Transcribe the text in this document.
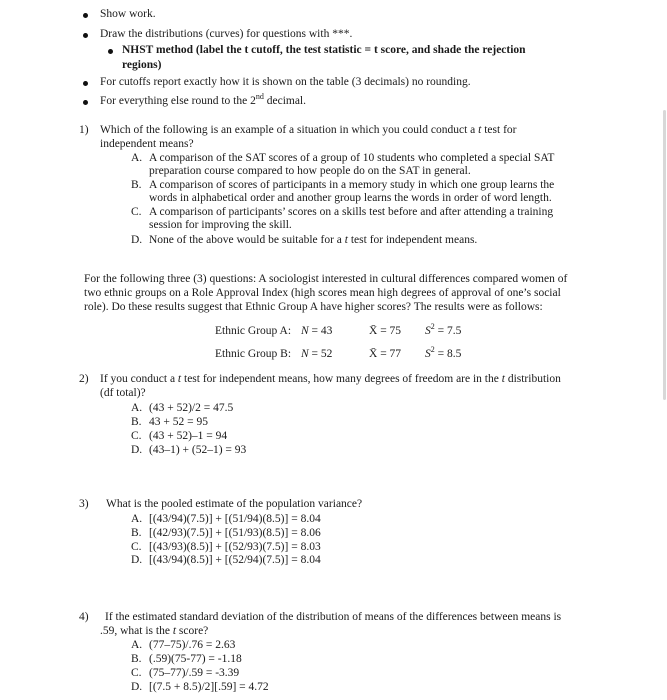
Show work.
Draw the distributions (curves) for questions with ***.
NHST method (label the t cutoff, the test statistic = t score, and shade the rejection
regions)
For cutoffs report exactly how it is shown on the table (3 decimals) no rounding.
For everything else round to the 2nd decimal.
1) Which of the following is an example of a situation in which you could conduct a t test for
independent means?
A. A comparison of the SAT scores of a group of 10 students who completed a special SAT
preparation course compared to how people do on the SAT in general.
B. A comparison of scores of participants in a memory study in which one group learns the
words in alphabetical order and another group learns the words in order of word length.
C. A comparison of participants’ scores on a skills test before and after attending a training
session for improving the skill.
D. None of the above would be suitable for a t test for independent means.
For the following three (3) questions: A sociologist interested in cultural differences compared women of
two ethnic groups on a Role Approval Index (high scores mean high degrees of approval of one’s social
role). Do these results suggest that Ethnic Group A have higher scores? The results were as follows:
Ethnic Group A: N = 43	X̄ = 75 $S^2 = 7.5$
Ethnic Group B: N = 52	X̄ = 77 $S^2 = 8.5$
2) If you conduct a t test for independent means, how many degrees of freedom are in the t distribution
(df total)?
A. (43 + 52)/2 = 47.5
B. 43 + 52 = 95
C. (43 + 52)–1 = 94
D. (43–1) + (52–1) = 93
3) What is the pooled estimate of the population variance?
A. [(43/94)(7.5)] + [(51/94)(8.5)] = 8.04
B. [(42/93)(7.5)] + [(51/93)(8.5)] = 8.06
C. [(43/93)(8.5)] + [(52/93)(7.5)] = 8.03
D. [(43/94)(8.5)] + [(52/94)(7.5)] = 8.04
4) If the estimated standard deviation of the distribution of means of the differences between means is
.59, what is the t score?
A. (77–75)/.76 = 2.63
B. (.59)(75-77) = -1.18
C. (75–77)/.59 = -3.39
D. [(7.5 + 8.5)/2][.59] = 4.72
